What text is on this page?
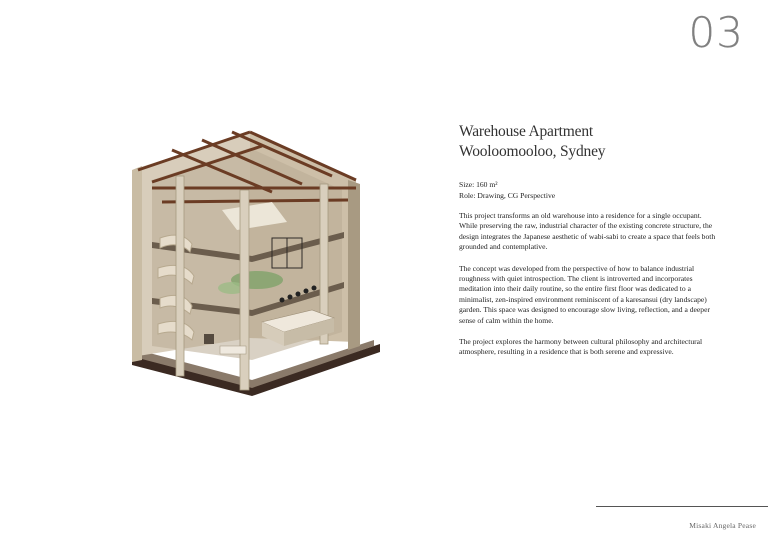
03
Warehouse Apartment
Wooloomooloo, Sydney
Size: 160 m²
Role: Drawing, CG Perspective

This project transforms an old warehouse into a residence for a single occupant. While preserving the raw, industrial character of the existing concrete structure, the design integrates the Japanese aesthetic of wabi-sabi to create a space that feels both grounded and contemplative.

The concept was developed from the perspective of how to balance industrial roughness with quiet introspection. The client is introverted and incorporates meditation into their daily routine, so the entire first floor was dedicated to a minimalist, zen-inspired environment reminiscent of a karesansui (dry landscape) garden. This space was designed to encourage slow living, reflection, and a deeper sense of calm within the home.

The project explores the harmony between cultural philosophy and architectural atmosphere, resulting in a residence that is both serene and expressive.

Misaki Angela Pease
